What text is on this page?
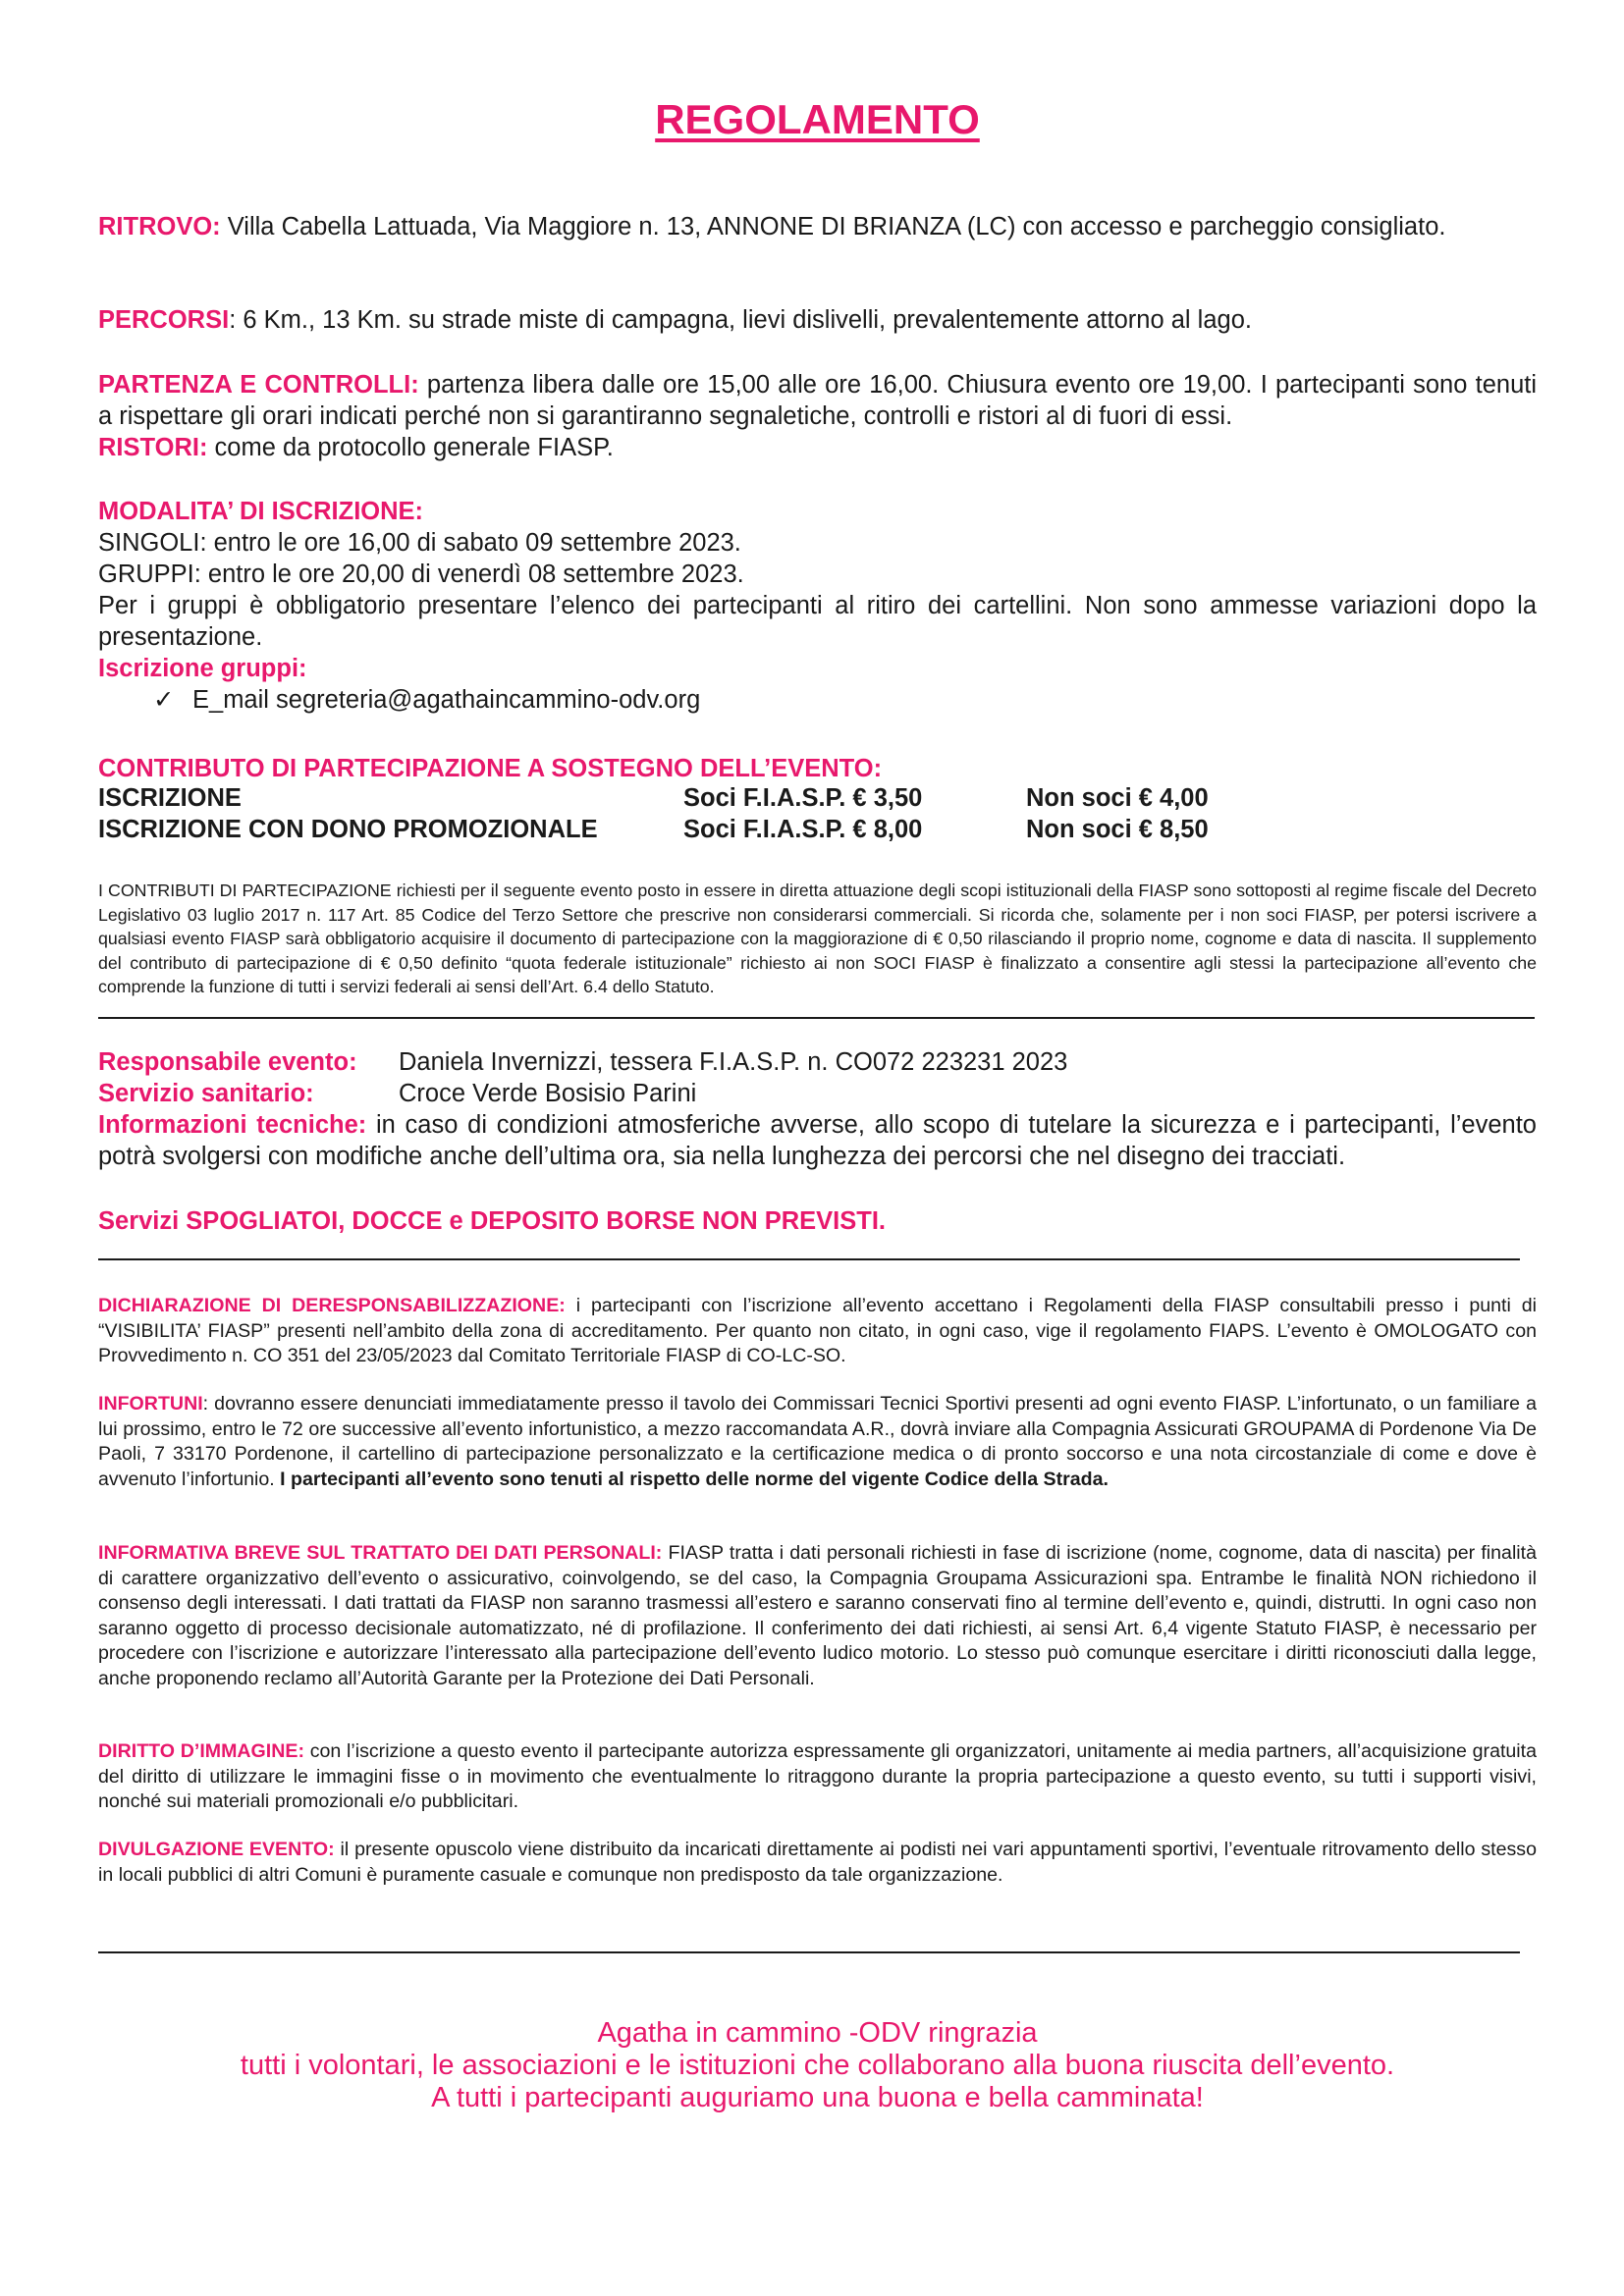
REGOLAMENTO
RITROVO: Villa Cabella Lattuada, Via Maggiore n. 13, ANNONE DI BRIANZA (LC) con accesso e parcheggio consigliato.
PERCORSI: 6 Km., 13 Km. su strade miste di campagna, lievi dislivelli, prevalentemente attorno al lago.
PARTENZA E CONTROLLI: partenza libera dalle ore 15,00 alle ore 16,00. Chiusura evento ore 19,00. I partecipanti sono tenuti a rispettare gli orari indicati perché non si garantiranno segnaletiche, controlli e ristori al di fuori di essi.
RISTORI: come da protocollo generale FIASP.
MODALITA’ DI ISCRIZIONE:
SINGOLI: entro le ore 16,00 di sabato 09 settembre 2023.
GRUPPI: entro le ore 20,00 di venerdì 08 settembre 2023.
Per i gruppi è obbligatorio presentare l’elenco dei partecipanti al ritiro dei cartellini. Non sono ammesse variazioni dopo la presentazione.
Iscrizione gruppi:
✓ E_mail segreteria@agathaincammino-odv.org
CONTRIBUTO DI PARTECIPAZIONE A SOSTEGNO DELL’EVENTO:
ISCRIZIONE	Soci F.I.A.S.P. € 3,50	Non soci € 4,00
ISCRIZIONE CON DONO PROMOZIONALE	Soci F.I.A.S.P. € 8,00	Non soci € 8,50
I CONTRIBUTI DI PARTECIPAZIONE richiesti per il seguente evento posto in essere in diretta attuazione degli scopi istituzionali della FIASP sono sottoposti al regime fiscale del Decreto Legislativo 03 luglio 2017 n. 117 Art. 85 Codice del Terzo Settore che prescrive non considerarsi commerciali. Si ricorda che, solamente per i non soci FIASP, per potersi iscrivere a qualsiasi evento FIASP sarà obbligatorio acquisire il documento di partecipazione con la maggiorazione di € 0,50 rilasciando il proprio nome, cognome e data di nascita. Il supplemento del contributo di partecipazione di € 0,50 definito “quota federale istituzionale” richiesto ai non SOCI FIASP è finalizzato a consentire agli stessi la partecipazione all’evento che comprende la funzione di tutti i servizi federali ai sensi dell’Art. 6.4 dello Statuto.
Responsabile evento: Daniela Invernizzi, tessera F.I.A.S.P. n. CO072 223231 2023
Servizio sanitario:	Croce Verde Bosisio Parini
Informazioni tecniche: in caso di condizioni atmosferiche avverse, allo scopo di tutelare la sicurezza e i partecipanti, l’evento potrà svolgersi con modifiche anche dell’ultima ora, sia nella lunghezza dei percorsi che nel disegno dei tracciati.
Servizi SPOGLIATOI, DOCCE e DEPOSITO BORSE NON PREVISTI.
DICHIARAZIONE DI DERESPONSABILIZZAZIONE: i partecipanti con l’iscrizione all’evento accettano i Regolamenti della FIASP consultabili presso i punti di “VISIBILITA’ FIASP” presenti nell’ambito della zona di accreditamento. Per quanto non citato, in ogni caso, vige il regolamento FIAPS. L’evento è OMOLOGATO con Provvedimento n. CO 351 del 23/05/2023 dal Comitato Territoriale FIASP di CO-LC-SO.
INFORTUNI: dovranno essere denunciati immediatamente presso il tavolo dei Commissari Tecnici Sportivi presenti ad ogni evento FIASP. L’infortunato, o un familiare a lui prossimo, entro le 72 ore successive all’evento infortunistico, a mezzo raccomandata A.R., dovrà inviare alla Compagnia Assicurati GROUPAMA di Pordenone Via De Paoli, 7 33170 Pordenone, il cartellino di partecipazione personalizzato e la certificazione medica o di pronto soccorso e una nota circostanziale di come e dove è avvenuto l’infortunio. I partecipanti all’evento sono tenuti al rispetto delle norme del vigente Codice della Strada.
INFORMATIVA BREVE SUL TRATTATO DEI DATI PERSONALI: FIASP tratta i dati personali richiesti in fase di iscrizione (nome, cognome, data di nascita) per finalità di carattere organizzativo dell’evento o assicurativo, coinvolgendo, se del caso, la Compagnia Groupama Assicurazioni spa. Entrambe le finalità NON richiedono il consenso degli interessati. I dati trattati da FIASP non saranno trasmessi all’estero e saranno conservati fino al termine dell’evento e, quindi, distrutti. In ogni caso non saranno oggetto di processo decisionale automatizzato, né di profilazione. Il conferimento dei dati richiesti, ai sensi Art. 6,4 vigente Statuto FIASP, è necessario per procedere con l’iscrizione e autorizzare l’interessato alla partecipazione dell’evento ludico motorio. Lo stesso può comunque esercitare i diritti riconosciuti dalla legge, anche proponendo reclamo all’Autorità Garante per la Protezione dei Dati Personali.
DIRITTO D’IMMAGINE: con l’iscrizione a questo evento il partecipante autorizza espressamente gli organizzatori, unitamente ai media partners, all’acquisizione gratuita del diritto di utilizzare le immagini fisse o in movimento che eventualmente lo ritraggono durante la propria partecipazione a questo evento, su tutti i supporti visivi, nonché sui materiali promozionali e/o pubblicitari.
DIVULGAZIONE EVENTO: il presente opuscolo viene distribuito da incaricati direttamente ai podisti nei vari appuntamenti sportivi, l’eventuale ritrovamento dello stesso in locali pubblici di altri Comuni è puramente casuale e comunque non predisposto da tale organizzazione.
Agatha in cammino -ODV ringrazia
tutti i volontari, le associazioni e le istituzioni che collaborano alla buona riuscita dell’evento.
A tutti i partecipanti auguriamo una buona e bella camminata!
